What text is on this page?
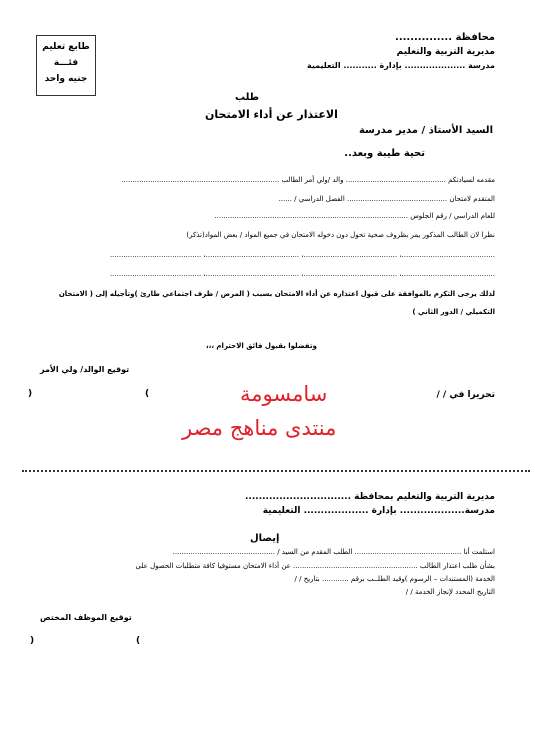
طابع تعليم
فئـــة
جنيه واحد
محافظة ...............
مديرية التربية والتعليم
مدرسة .................... بإدارة ........... التعليمية
طلب
الاعتذار عن أداء الامتحان
السيد الأستاذ / مدير مدرسة
تحية طيبة وبعد..
مقدمه لسيادتكم ............................................. والد /ولي أمر الطالب .......................................................................
المتقدم لامتحان ............................................. الفصل الدراسي / ......
للعام الدراسي / رقم الجلوس .......................................................................................
نظرا لان الطالب المذكور يمر بظروف صحية تحول دون دخوله الامتحان في جميع المواد / بعض المواد(تذكر)
..........................................، ..........................................، ..........................................، .........................................
..........................................، ..........................................، ..........................................، .........................................
لذلك يرجى التكرم بالموافقة على قبول اعتذاره عن أداء الامتحان بسبب ( المرض / ظرف اجتماعي طارئ )وتأجيله إلى ( الامتحان
التكميلي / الدور الثاني )
وتفضلوا بقبول فائق الاحترام ،،،
توقيع الوالد/ ولي الأمر
(	)	تحريرا في / /
سامسومة
منتدى مناهج مصر
مديرية التربية والتعليم بمحافظة ...............................
مدرسة................... بإدارة ................... التعليمية
إيصال
استلمت أنا ................................................ الطلب المقدم من السيد / ..............................................
بشأن طلب اعتذار الطالب ........................................................ عن أداء الامتحان مستوفيا كافة متطلبات الحصول على
الخدمة (المستندات – الرسوم )وقيد الطلــب برقم ............ بتاريخ / /
التاريخ المحدد لإنجاز الخدمة / /
توقيع الموظف المختص
(	)
